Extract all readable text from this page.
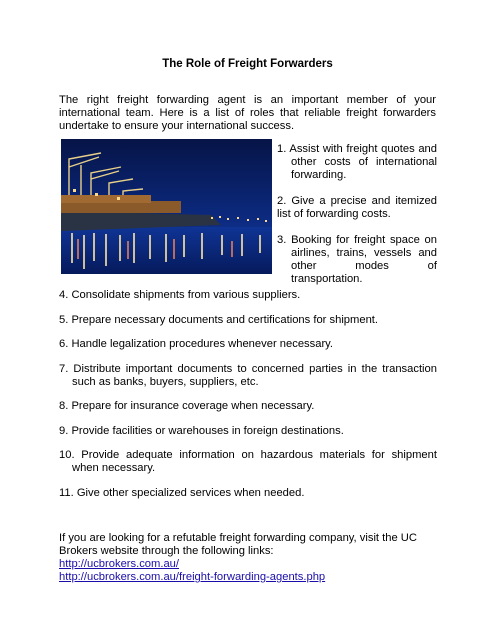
The Role of Freight Forwarders
The right freight forwarding agent is an important member of your international team. Here is a list of roles that reliable freight forwarders undertake to ensure your international success.
1. Assist with freight quotes and other costs of international forwarding.
2. Give a precise and itemized list of forwarding costs.
3. Booking for freight space on airlines, trains, vessels and other modes of transportation.
4. Consolidate shipments from various suppliers.
5. Prepare necessary documents and certifications for shipment.
6. Handle legalization procedures whenever necessary.
7. Distribute important documents to concerned parties in the transaction such as banks, buyers, suppliers, etc.
8. Prepare for insurance coverage when necessary.
9. Provide facilities or warehouses in foreign destinations.
10. Provide adequate information on hazardous materials for shipment when necessary.
11. Give other specialized services when needed.
If you are looking for a refutable freight forwarding company, visit the UC Brokers website through the following links:
http://ucbrokers.com.au/
http://ucbrokers.com.au/freight-forwarding-agents.php
